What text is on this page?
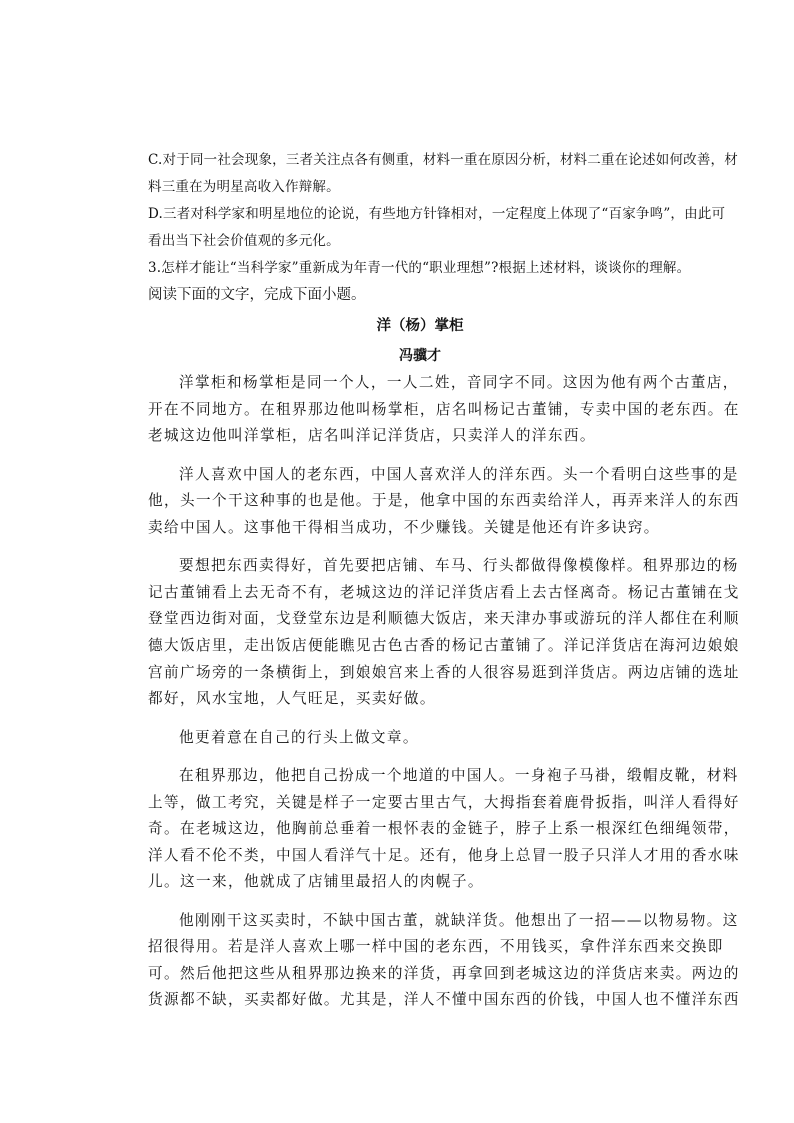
C.对于同一社会现象，三者关注点各有侧重，材料一重在原因分析，材料二重在论述如何改善，材
料三重在为明星高收入作辩解。
D.三者对科学家和明星地位的论说，有些地方针锋相对，一定程度上体现了“百家争鸣”，由此可
看出当下社会价值观的多元化。
3.怎样才能让“当科学家”重新成为年青一代的“职业理想”?根据上述材料，谈谈你的理解。
阅读下面的文字，完成下面小题。
洋（杨）掌柜
冯骥才
洋掌柜和杨掌柜是同一个人，一人二姓，音同字不同。这因为他有两个古董店，
开在不同地方。在租界那边他叫杨掌柜，店名叫杨记古董铺，专卖中国的老东西。在
老城这边他叫洋掌柜，店名叫洋记洋货店，只卖洋人的洋东西。
洋人喜欢中国人的老东西，中国人喜欢洋人的洋东西。头一个看明白这些事的是
他，头一个干这种事的也是他。于是，他拿中国的东西卖给洋人，再弄来洋人的东西
卖给中国人。这事他干得相当成功，不少赚钱。关键是他还有许多诀窍。
要想把东西卖得好，首先要把店铺、车马、行头都做得像模像样。租界那边的杨
记古董铺看上去无奇不有，老城这边的洋记洋货店看上去古怪离奇。杨记古董铺在戈
登堂西边街对面，戈登堂东边是利顺德大饭店，来天津办事或游玩的洋人都住在利顺
德大饭店里，走出饭店便能瞧见古色古香的杨记古董铺了。洋记洋货店在海河边娘娘
宫前广场旁的一条横街上，到娘娘宫来上香的人很容易逛到洋货店。两边店铺的选址
都好，风水宝地，人气旺足，买卖好做。
他更着意在自己的行头上做文章。
在租界那边，他把自己扮成一个地道的中国人。一身袍子马褂，缎帽皮靴，材料
上等，做工考究，关键是样子一定要古里古气，大拇指套着鹿骨扳指，叫洋人看得好
奇。在老城这边，他胸前总垂着一根怀表的金链子，脖子上系一根深红色细绳领带，
洋人看不伦不类，中国人看洋气十足。还有，他身上总冒一股子只洋人才用的香水味
儿。这一来，他就成了店铺里最招人的肉幌子。
他刚刚干这买卖时，不缺中国古董，就缺洋货。他想出了一招——以物易物。这
招很得用。若是洋人喜欢上哪一样中国的老东西，不用钱买，拿件洋东西来交换即
可。然后他把这些从租界那边换来的洋货，再拿回到老城这边的洋货店来卖。两边的
货源都不缺，买卖都好做。尤其是，洋人不懂中国东西的价钱，中国人也不懂洋东西
